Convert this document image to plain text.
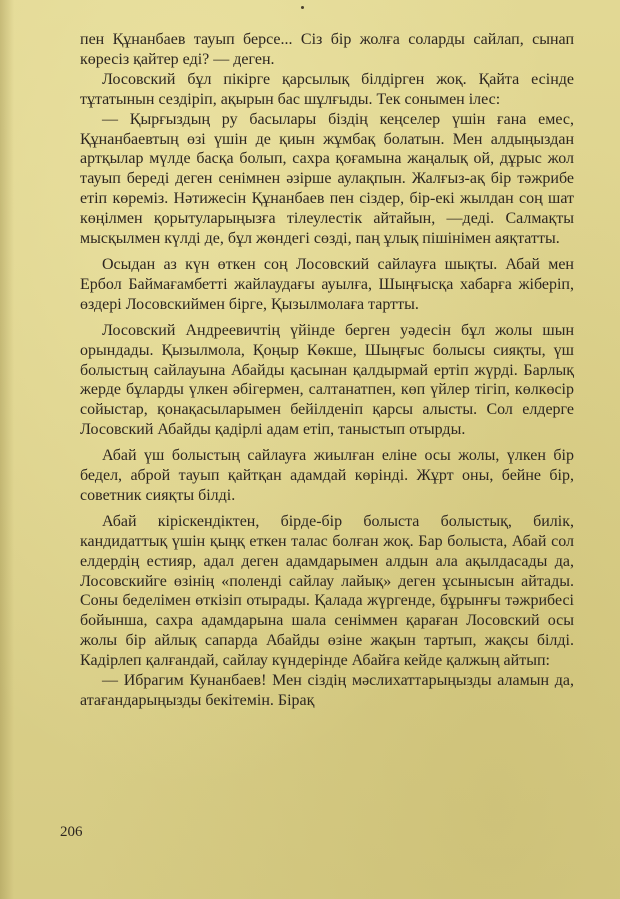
пен Құнанбаев тауып берсе... Сіз бір жолға соларды сайлап, сынап көресіз қайтер еді? — деген.

Лосовский бұл пікірге қарсылық білдірген жоқ. Қайта есінде тұтатынын сездіріп, ақырын бас шұлғыды. Тек сонымен ілес:

— Қырғыздың ру басылары біздің кеңселер үшін ғана емес, Құнанбаевтың өзі үшін де қиын жұмбақ болатын. Мен алдыңыздан артқылар мүлде басқа болып, сахра қоғамына жаңалық ой, дұрыс жол тауып береді деген сенімнен әзірше аулақпын. Жалғыз-ақ бір тәжрибе етіп көреміз. Нәтижесін Құнанбаев пен сіздер, бір-екі жылдан соң шат көңілмен қорытуларыңызға тілеулестік айтайын, —деді. Салмақты мысқылмен күлді де, бұл жөндегі сөзді, паң ұлық пішінімен аяқтатты.

Осыдан аз күн өткен соң Лосовский сайлауға шықты. Абай мен Ербол Баймағамбетті жайлаудағы ауылға, Шыңғысқа хабарға жіберіп, өздері Лосовскиймен бірге, Қызылмолаға тартты.

Лосовский Андреевичтің үйінде берген уәдесін бұл жолы шын орындады. Қызылмола, Қоңыр Көкше, Шыңғыс болысы сияқты, үш болыстың сайлауына Абайды қасынан қалдырмай ертіп жүрді. Барлық жерде бұларды үлкен әбігермен, салтанатпен, көп үйлер тігіп, көлкөсір сойыстар, қонақасыларымен бейілденіп қарсы алысты. Сол елдерге Лосовский Абайды қадірлі адам етіп, таныстып отырды.

Абай үш болыстың сайлауға жиылған еліне осы жолы, үлкен бір бедел, аброй тауып қайтқан адамдай көрінді. Жұрт оны, бейне бір, советник сияқты білді.

Абай кірiскендіктен, бірде-бір болыста болыстық, билік, кандидаттық үшін қыңқ еткен талас болған жоқ. Бар болыста, Абай сол елдердің естияр, адал деген адамдарымен алдын ала ақылдасады да, Лосовскийге өзінің «поленді сайлау лайық» деген ұсынысын айтады. Соны беделімен өткізіп отырады. Қалада жүргенде, бұрынғы тәжрибесі бойынша, сахра адамдарына шала сеніммен қараған Лосовский осы жолы бір айлық сапарда Абайды өзіне жақын тартып, жақсы білді. Кадірлеп қалғандай, сайлау күндерінде Абайға кейде қалжың айтып:

— Ибрагим Кунанбаев! Мен сіздің мәслихаттарыңызды аламын да, атағандарыңызды бекітемін. Бірақ

206
